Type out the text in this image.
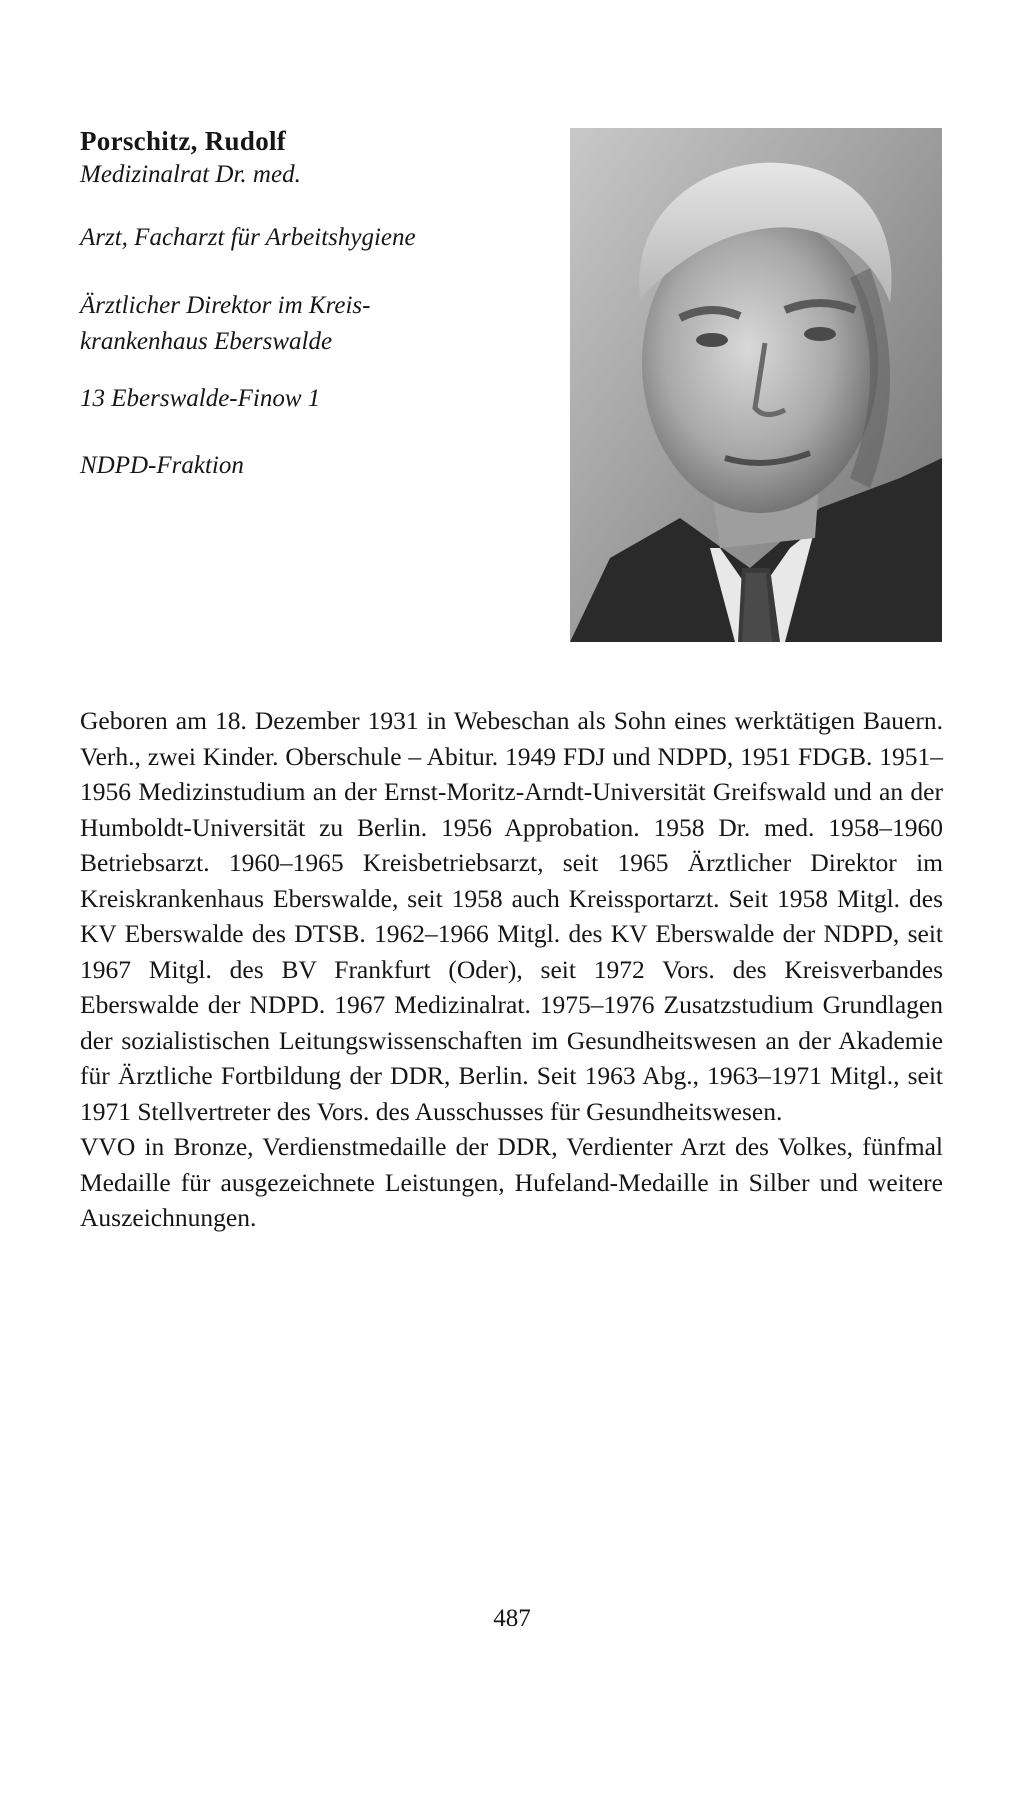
Porschitz, Rudolf

Medizinalrat Dr. med.

Arzt, Facharzt für Arbeitshygiene

Ärztlicher Direktor im Kreis-
krankenhaus Eberswalde

13 Eberswalde-Finow 1

NDPD-Fraktion

Geboren am 18. Dezember 1931 in Webeschan als Sohn eines werktätigen Bauern. Verh., zwei Kinder. Oberschule – Abitur. 1949 FDJ und NDPD, 1951 FDGB. 1951–1956 Medizinstudium an der Ernst-Moritz-Arndt-Universität Greifswald und an der Humboldt-Universität zu Berlin. 1956 Approbation. 1958 Dr. med. 1958–1960 Betriebsarzt. 1960–1965 Kreisbetriebsarzt, seit 1965 Ärztlicher Direktor im Kreiskrankenhaus Eberswalde, seit 1958 auch Kreissportarzt. Seit 1958 Mitgl. des KV Eberswalde des DTSB. 1962–1966 Mitgl. des KV Eberswalde der NDPD, seit 1967 Mitgl. des BV Frankfurt (Oder), seit 1972 Vors. des Kreisverbandes Eberswalde der NDPD. 1967 Medizinalrat. 1975–1976 Zusatzstudium Grundlagen der sozialistischen Leitungswissenschaften im Gesundheitswesen an der Akademie für Ärztliche Fortbildung der DDR, Berlin. Seit 1963 Abg., 1963–1971 Mitgl., seit 1971 Stellvertreter des Vors. des Ausschusses für Gesundheitswesen.

VVO in Bronze, Verdienstmedaille der DDR, Verdienter Arzt des Volkes, fünfmal Medaille für ausgezeichnete Leistungen, Hufeland-Medaille in Silber und weitere Auszeichnungen.

487
